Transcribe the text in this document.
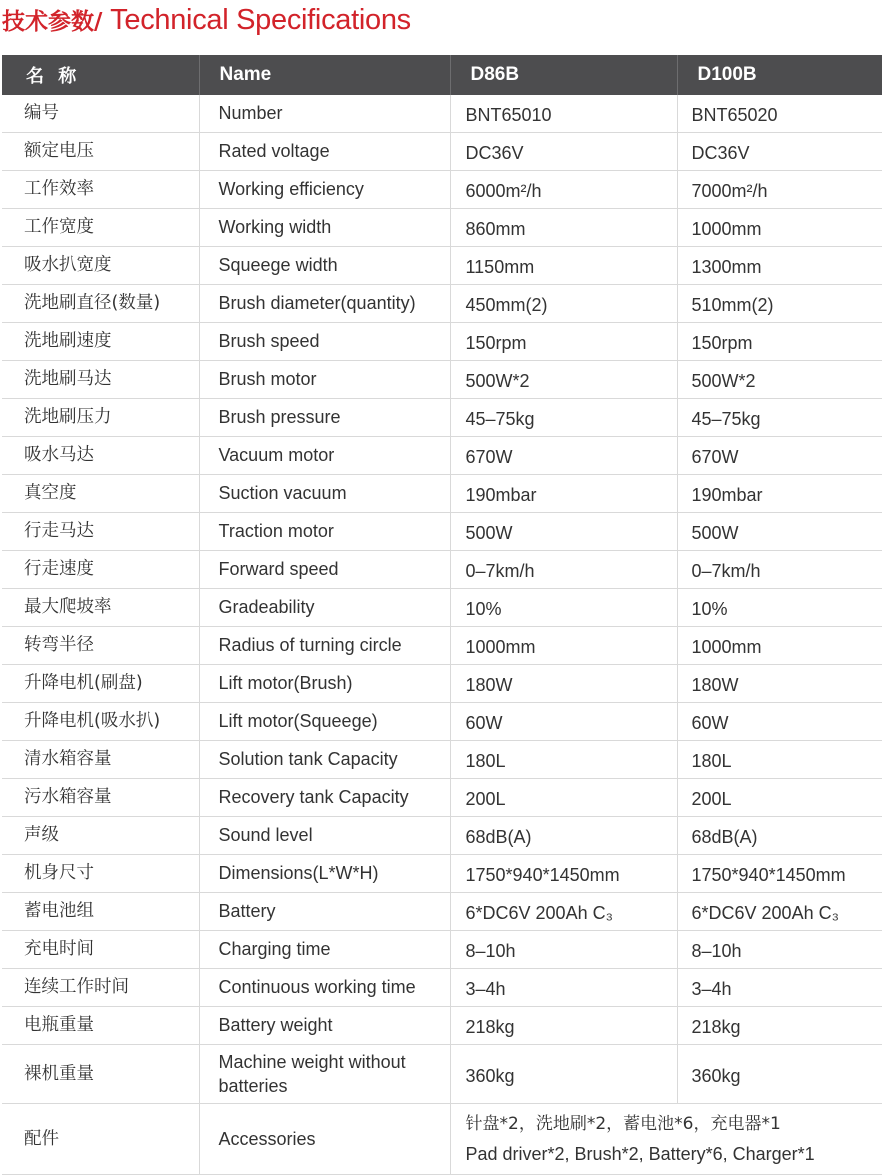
技术参数/ Technical Specifications
名 称	Name	D86B	D100B
编号	Number	BNT65010	BNT65020
额定电压	Rated voltage	DC36V	DC36V
工作效率	Working efficiency	6000m²/h	7000m²/h
工作宽度	Working width	860mm	1000mm
吸水扒宽度	Squeege width	1150mm	1300mm
洗地刷直径(数量)	Brush diameter(quantity)	450mm(2)	510mm(2)
洗地刷速度	Brush speed	150rpm	150rpm
洗地刷马达	Brush motor	500W*2	500W*2
洗地刷压力	Brush pressure	45–75kg	45–75kg
吸水马达	Vacuum motor	670W	670W
真空度	Suction vacuum	190mbar	190mbar
行走马达	Traction motor	500W	500W
行走速度	Forward speed	0–7km/h	0–7km/h
最大爬坡率	Gradeability	10%	10%
转弯半径	Radius of turning circle	1000mm	1000mm
升降电机(刷盘)	Lift motor(Brush)	180W	180W
升降电机(吸水扒)	Lift motor(Squeege)	60W	60W
清水箱容量	Solution tank Capacity	180L	180L
污水箱容量	Recovery tank Capacity	200L	200L
声级	Sound level	68dB(A)	68dB(A)
机身尺寸	Dimensions(L*W*H)	1750*940*1450mm	1750*940*1450mm
蓄电池组	Battery	6*DC6V 200Ah C₃	6*DC6V 200Ah C₃
充电时间	Charging time	8–10h	8–10h
连续工作时间	Continuous working time	3–4h	3–4h
电瓶重量	Battery weight	218kg	218kg
裸机重量	Machine weight without batteries	360kg	360kg
配件	Accessories	针盘*2，洗地刷*2，蓄电池*6，充电器*1
Pad driver*2, Brush*2, Battery*6, Charger*1	
